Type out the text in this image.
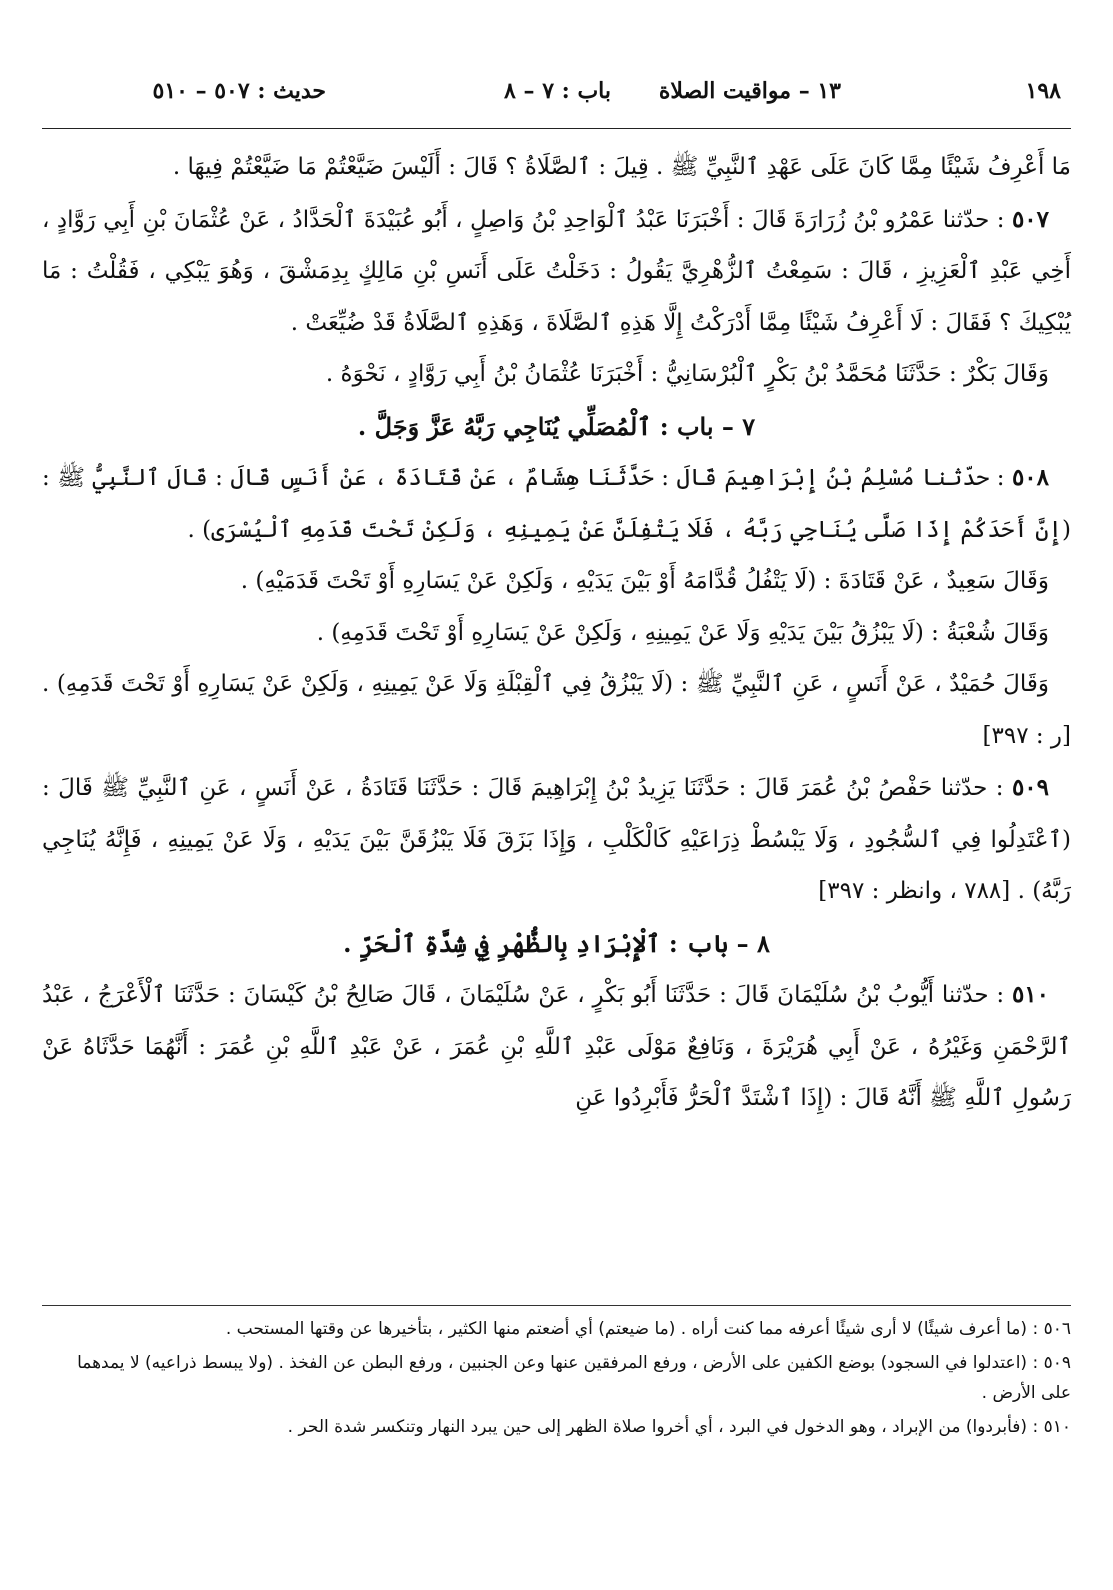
١٩٨
١٣ – مواقيت الصلاة
باب : ٧ – ٨
حديث : ٥٠٧ – ٥١٠

مَا أَعْرِفُ شَيْئًا مِمَّا كَانَ عَلَى عَهْدِ ٱلنَّبِيِّ ﷺ . قِيلَ : ٱلصَّلَاةُ ؟ قَالَ : أَلَيْسَ ضَيَّعْتُمْ مَا ضَيَّعْتُمْ فِيهَا .

٥٠٧ : حدّثنا عَمْرُو بْنُ زُرَارَةَ قَالَ : أَخْبَرَنَا عَبْدُ ٱلْوَاحِدِ بْنُ وَاصِلٍ ، أَبُو عُبَيْدَةَ ٱلْحَدَّادُ ، عَنْ عُثْمَانَ بْنِ أَبِي رَوَّادٍ ، أَخِي عَبْدِ ٱلْعَزِيزِ ، قَالَ : سَمِعْتُ ٱلزُّهْرِيَّ يَقُولُ : دَخَلْتُ عَلَى أَنَسِ بْنِ مَالِكٍ بِدِمَشْقَ ، وَهُوَ يَبْكِي ، فَقُلْتُ : مَا يُبْكِيكَ ؟ فَقَالَ : لَا أَعْرِفُ شَيْئًا مِمَّا أَدْرَكْتُ إِلَّا هَذِهِ ٱلصَّلَاةَ ، وَهَذِهِ ٱلصَّلَاةُ قَدْ ضُيِّعَتْ .

وَقَالَ بَكْرٌ : حَدَّثَنَا مُحَمَّدُ بْنُ بَكْرٍ ٱلْبُرْسَانِيُّ : أَخْبَرَنَا عُثْمَانُ بْنُ أَبِي رَوَّادٍ ، نَحْوَهُ .

٧ – باب : ٱلْمُصَلِّي يُنَاجِي رَبَّهُ عَزَّ وَجَلَّ .

٥٠٨ : حدّثنا مُسْلِمُ بْنُ إِبْرَاهِيمَ قَالَ : حَدَّثَنَا هِشَامٌ ، عَنْ قَتَادَةَ ، عَنْ أَنَسٍ قَالَ : قَالَ ٱلنَّبِيُّ ﷺ : (إِنَّ أَحَدَكُمْ إِذَا صَلَّى يُنَاجِي رَبَّهُ ، فَلَا يَتْفِلَنَّ عَنْ يَمِينِهِ ، وَلَكِنْ تَحْتَ قَدَمِهِ ٱلْيُسْرَى) .

وَقَالَ سَعِيدٌ ، عَنْ قَتَادَةَ : (لَا يَتْفُلُ قُدَّامَهُ أَوْ بَيْنَ يَدَيْهِ ، وَلَكِنْ عَنْ يَسَارِهِ أَوْ تَحْتَ قَدَمَيْهِ) .

وَقَالَ شُعْبَةُ : (لَا يَبْزُقُ بَيْنَ يَدَيْهِ وَلَا عَنْ يَمِينِهِ ، وَلَكِنْ عَنْ يَسَارِهِ أَوْ تَحْتَ قَدَمِهِ) .

وَقَالَ حُمَيْدٌ ، عَنْ أَنَسٍ ، عَنِ ٱلنَّبِيِّ ﷺ : (لَا يَبْزُقُ فِي ٱلْقِبْلَةِ وَلَا عَنْ يَمِينِهِ ، وَلَكِنْ عَنْ يَسَارِهِ أَوْ تَحْتَ قَدَمِهِ) . [ر : ٣٩٧]

٥٠٩ : حدّثنا حَفْصُ بْنُ عُمَرَ قَالَ : حَدَّثَنَا يَزِيدُ بْنُ إِبْرَاهِيمَ قَالَ : حَدَّثَنَا قَتَادَةُ ، عَنْ أَنَسٍ ، عَنِ ٱلنَّبِيِّ ﷺ قَالَ : (ٱعْتَدِلُوا فِي ٱلسُّجُودِ ، وَلَا يَبْسُطْ ذِرَاعَيْهِ كَالْكَلْبِ ، وَإِذَا بَزَقَ فَلَا يَبْزُقَنَّ بَيْنَ يَدَيْهِ ، وَلَا عَنْ يَمِينِهِ ، فَإِنَّهُ يُنَاجِي رَبَّهُ) . [٧٨٨ ، وانظر : ٣٩٧]

٨ – باب : ٱلْإِبْرَادِ بِالظُّهْرِ فِي شِدَّةِ ٱلْحَرِّ .

٥١٠ : حدّثنا أَيُّوبُ بْنُ سُلَيْمَانَ قَالَ : حَدَّثَنَا أَبُو بَكْرٍ ، عَنْ سُلَيْمَانَ ، قَالَ صَالِحُ بْنُ كَيْسَانَ : حَدَّثَنَا ٱلْأَعْرَجُ ، عَبْدُ ٱلرَّحْمَنِ وَغَيْرُهُ ، عَنْ أَبِي هُرَيْرَةَ ، وَنَافِعٌ مَوْلَى عَبْدِ ٱللَّهِ بْنِ عُمَرَ ، عَنْ عَبْدِ ٱللَّهِ بْنِ عُمَرَ : أَنَّهُمَا حَدَّثَاهُ عَنْ رَسُولِ ٱللَّهِ ﷺ أَنَّهُ قَالَ : (إِذَا ٱشْتَدَّ ٱلْحَرُّ فَأَبْرِدُوا عَنِ

٥٠٦ : (ما أعرف شيئًا) لا أرى شيئًا أعرفه مما كنت أراه . (ما ضيعتم) أي أضعتم منها الكثير ، بتأخيرها عن وقتها المستحب .

٥٠٩ : (اعتدلوا في السجود) بوضع الكفين على الأرض ، ورفع المرفقين عنها وعن الجنبين ، ورفع البطن عن الفخذ . (ولا يبسط ذراعيه) لا يمدهما على الأرض .

٥١٠ : (فأبردوا) من الإبراد ، وهو الدخول في البرد ، أي أخروا صلاة الظهر إلى حين يبرد النهار وتنكسر شدة الحر .
